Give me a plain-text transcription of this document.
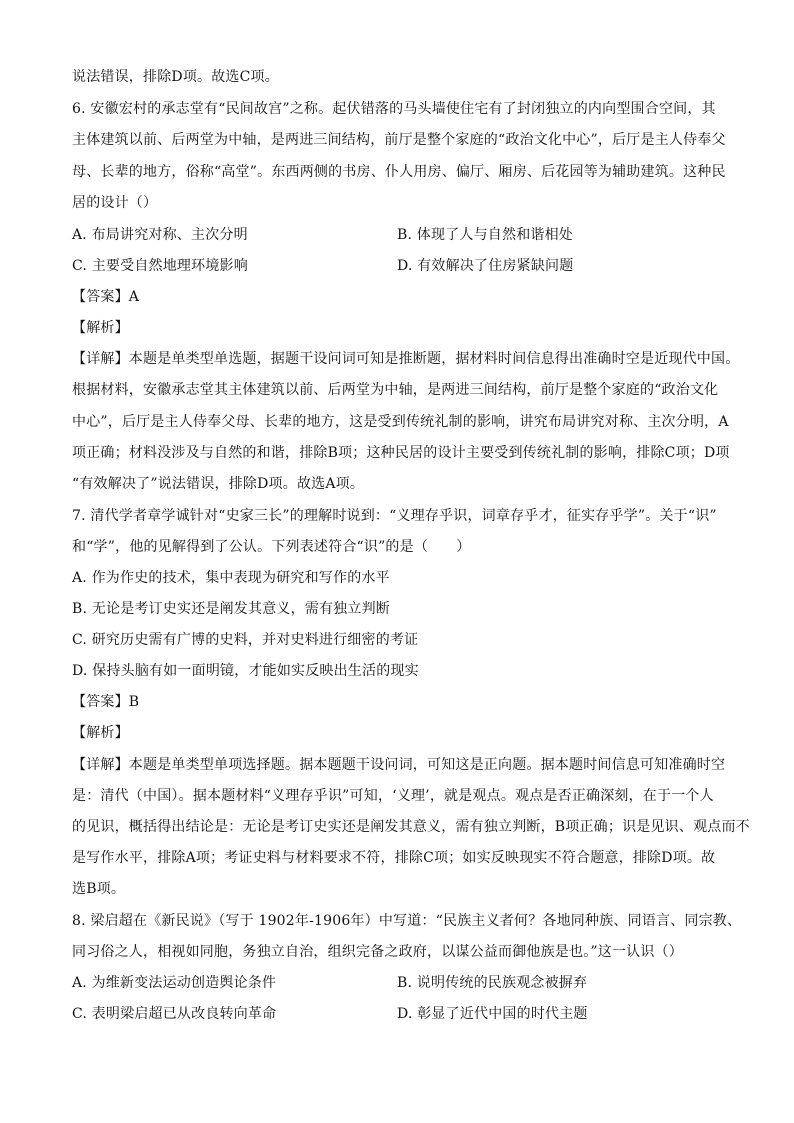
说法错误，排除D项。故选C项。
6. 安徽宏村的承志堂有“民间故宫”之称。起伏错落的马头墙使住宅有了封闭独立的内向型围合空间，其
主体建筑以前、后两堂为中轴，是两进三间结构，前厅是整个家庭的“政治文化中心”，后厅是主人侍奉父
母、长辈的地方，俗称“高堂”。东西两侧的书房、仆人用房、偏厅、厢房、后花园等为辅助建筑。这种民
居的设计（）
A. 布局讲究对称、主次分明	B. 体现了人与自然和谐相处
C. 主要受自然地理环境影响	D. 有效解决了住房紧缺问题
【答案】A
【解析】
【详解】本题是单类型单选题，据题干设问词可知是推断题，据材料时间信息得出准确时空是近现代中国。
根据材料，安徽承志堂其主体建筑以前、后两堂为中轴，是两进三间结构，前厅是整个家庭的“政治文化
中心”，后厅是主人侍奉父母、长辈的地方，这是受到传统礼制的影响，讲究布局讲究对称、主次分明，A
项正确；材料没涉及与自然的和谐，排除B项；这种民居的设计主要受到传统礼制的影响，排除C项；D项
“有效解决了”说法错误，排除D项。故选A项。
7. 清代学者章学诚针对“史家三长”的理解时说到：“义理存乎识，词章存乎才，征实存乎学”。关于“识”
和“学”，他的见解得到了公认。下列表述符合“识”的是（　　）
A. 作为作史的技术，集中表现为研究和写作的水平
B. 无论是考订史实还是阐发其意义，需有独立判断
C. 研究历史需有广博的史料，并对史料进行细密的考证
D. 保持头脑有如一面明镜，才能如实反映出生活的现实
【答案】B
【解析】
【详解】本题是单类型单项选择题。据本题题干设问词，可知这是正向题。据本题时间信息可知准确时空
是：清代（中国）。据本题材料“义理存乎识”可知，‘义理’，就是观点。观点是否正确深刻，在于一个人
的见识，概括得出结论是：无论是考订史实还是阐发其意义，需有独立判断，B项正确；识是见识、观点而不
是写作水平，排除A项；考证史料与材料要求不符，排除C项；如实反映现实不符合题意，排除D项。故
选B项。
8. 梁启超在《新民说》（写于 1902年-1906年）中写道：“民族主义者何？各地同种族、同语言、同宗教、
同习俗之人，相视如同胞，务独立自治，组织完备之政府，以谋公益而御他族是也。”这一认识（）
A. 为维新变法运动创造舆论条件	B. 说明传统的民族观念被摒弃
C. 表明梁启超已从改良转向革命	D. 彰显了近代中国的时代主题
